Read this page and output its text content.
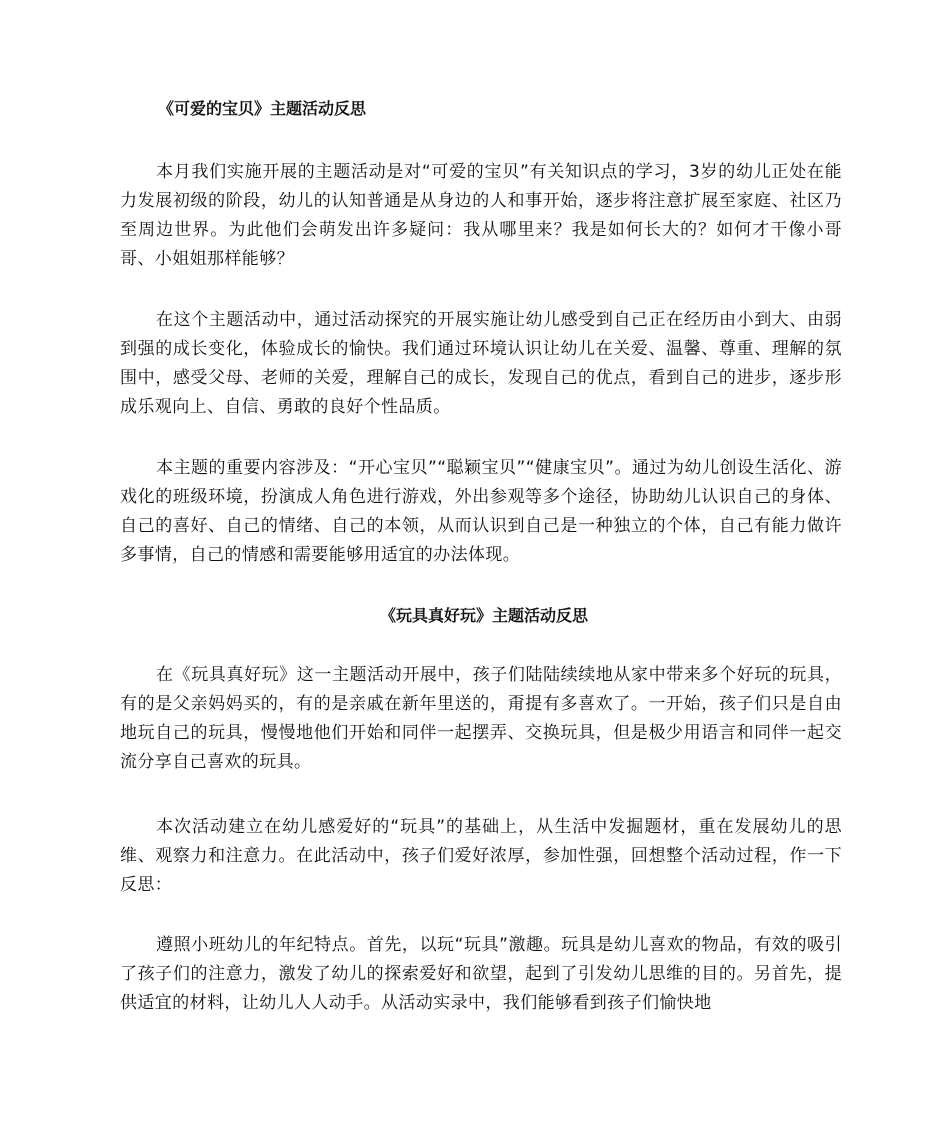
《可爱的宝贝》主题活动反思

本月我们实施开展的主题活动是对“可爱的宝贝”有关知识点的学习，3岁的幼儿正处在能力发展初级的阶段，幼儿的认知普通是从身边的人和事开始，逐步将注意扩展至家庭、社区乃至周边世界。为此他们会萌发出许多疑问：我从哪里来？我是如何长大的？如何才干像小哥哥、小姐姐那样能够？

在这个主题活动中，通过活动探究的开展实施让幼儿感受到自己正在经历由小到大、由弱到强的成长变化，体验成长的愉快。我们通过环境认识让幼儿在关爱、温馨、尊重、理解的氛围中，感受父母、老师的关爱，理解自己的成长，发现自己的优点，看到自己的进步，逐步形成乐观向上、自信、勇敢的良好个性品质。

本主题的重要内容涉及：“开心宝贝”“聪颖宝贝”“健康宝贝”。通过为幼儿创设生活化、游戏化的班级环境，扮演成人角色进行游戏，外出参观等多个途径，协助幼儿认识自己的身体、自己的喜好、自己的情绪、自己的本领，从而认识到自己是一种独立的个体，自己有能力做许多事情，自己的情感和需要能够用适宜的办法体现。

《玩具真好玩》主题活动反思

在《玩具真好玩》这一主题活动开展中，孩子们陆陆续续地从家中带来多个好玩的玩具，有的是父亲妈妈买的，有的是亲戚在新年里送的，甭提有多喜欢了。一开始，孩子们只是自由地玩自己的玩具，慢慢地他们开始和同伴一起摆弄、交换玩具，但是极少用语言和同伴一起交流分享自己喜欢的玩具。

本次活动建立在幼儿感爱好的“玩具”的基础上，从生活中发掘题材，重在发展幼儿的思维、观察力和注意力。在此活动中，孩子们爱好浓厚，参加性强，回想整个活动过程，作一下反思：

遵照小班幼儿的年纪特点。首先，以玩“玩具”激趣。玩具是幼儿喜欢的物品，有效的吸引了孩子们的注意力，激发了幼儿的探索爱好和欲望，起到了引发幼儿思维的目的。另首先，提供适宜的材料，让幼儿人人动手。从活动实录中，我们能够看到孩子们愉快地
